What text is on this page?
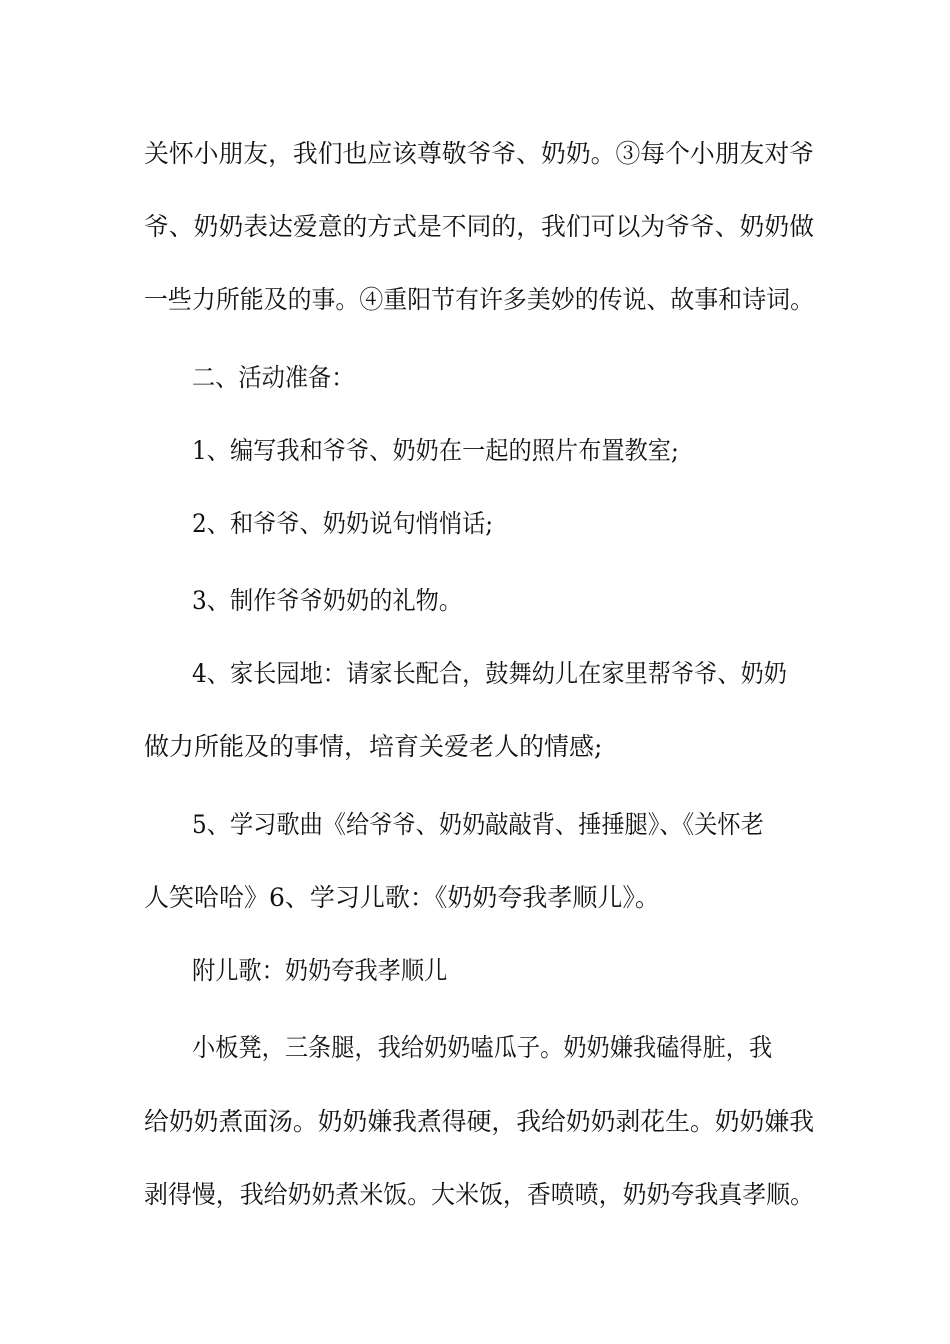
关怀小朋友，我们也应该尊敬爷爷、奶奶。③每个小朋友对爷

爷、奶奶表达爱意的方式是不同的，我们可以为爷爷、奶奶做

一些力所能及的事。④重阳节有许多美妙的传说、故事和诗词。

二、活动准备：

1、编写我和爷爷、奶奶在一起的照片布置教室;

2、和爷爷、奶奶说句悄悄话;

3、制作爷爷奶奶的礼物。

4、家长园地：请家长配合，鼓舞幼儿在家里帮爷爷、奶奶

做力所能及的事情，培育关爱老人的情感;

5、学习歌曲《给爷爷、奶奶敲敲背、捶捶腿》、《关怀老

人笑哈哈》6、学习儿歌：《奶奶夸我孝顺儿》。

附儿歌：奶奶夸我孝顺儿

小板凳，三条腿，我给奶奶嗑瓜子。奶奶嫌我磕得脏，我

给奶奶煮面汤。奶奶嫌我煮得硬，我给奶奶剥花生。奶奶嫌我

剥得慢，我给奶奶煮米饭。大米饭，香喷喷，奶奶夸我真孝顺。
